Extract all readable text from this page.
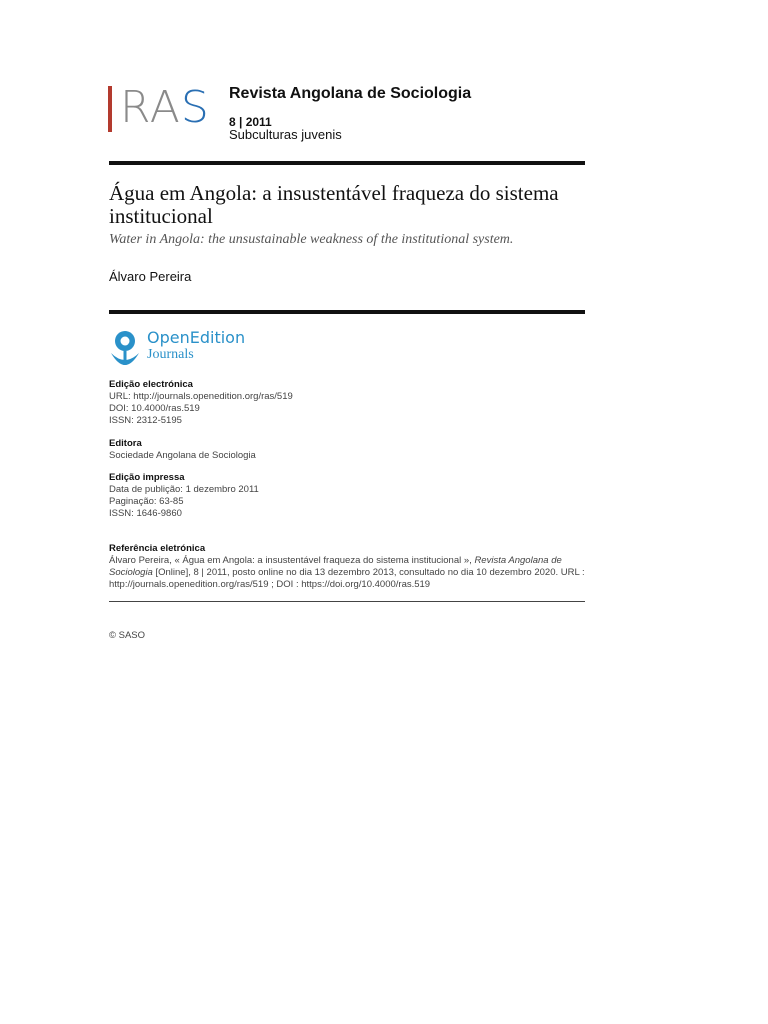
RAS Revista Angolana de Sociologia
8 | 2011
Subculturas juvenis
Água em Angola: a insustentável fraqueza do sistema institucional
Water in Angola: the unsustainable weakness of the institutional system.
Álvaro Pereira
OpenEdition
Journals
Edição electrónica
URL: http://journals.openedition.org/ras/519
DOI: 10.4000/ras.519
ISSN: 2312-5195
Editora
Sociedade Angolana de Sociologia
Edição impressa
Data de publição: 1 dezembro 2011
Paginação: 63-85
ISSN: 1646-9860
Referência eletrónica
Álvaro Pereira, « Água em Angola: a insustentável fraqueza do sistema institucional », Revista Angolana de Sociologia [Online], 8 | 2011, posto online no dia 13 dezembro 2013, consultado no dia 10 dezembro 2020. URL : http://journals.openedition.org/ras/519 ; DOI : https://doi.org/10.4000/ras.519
© SASO
